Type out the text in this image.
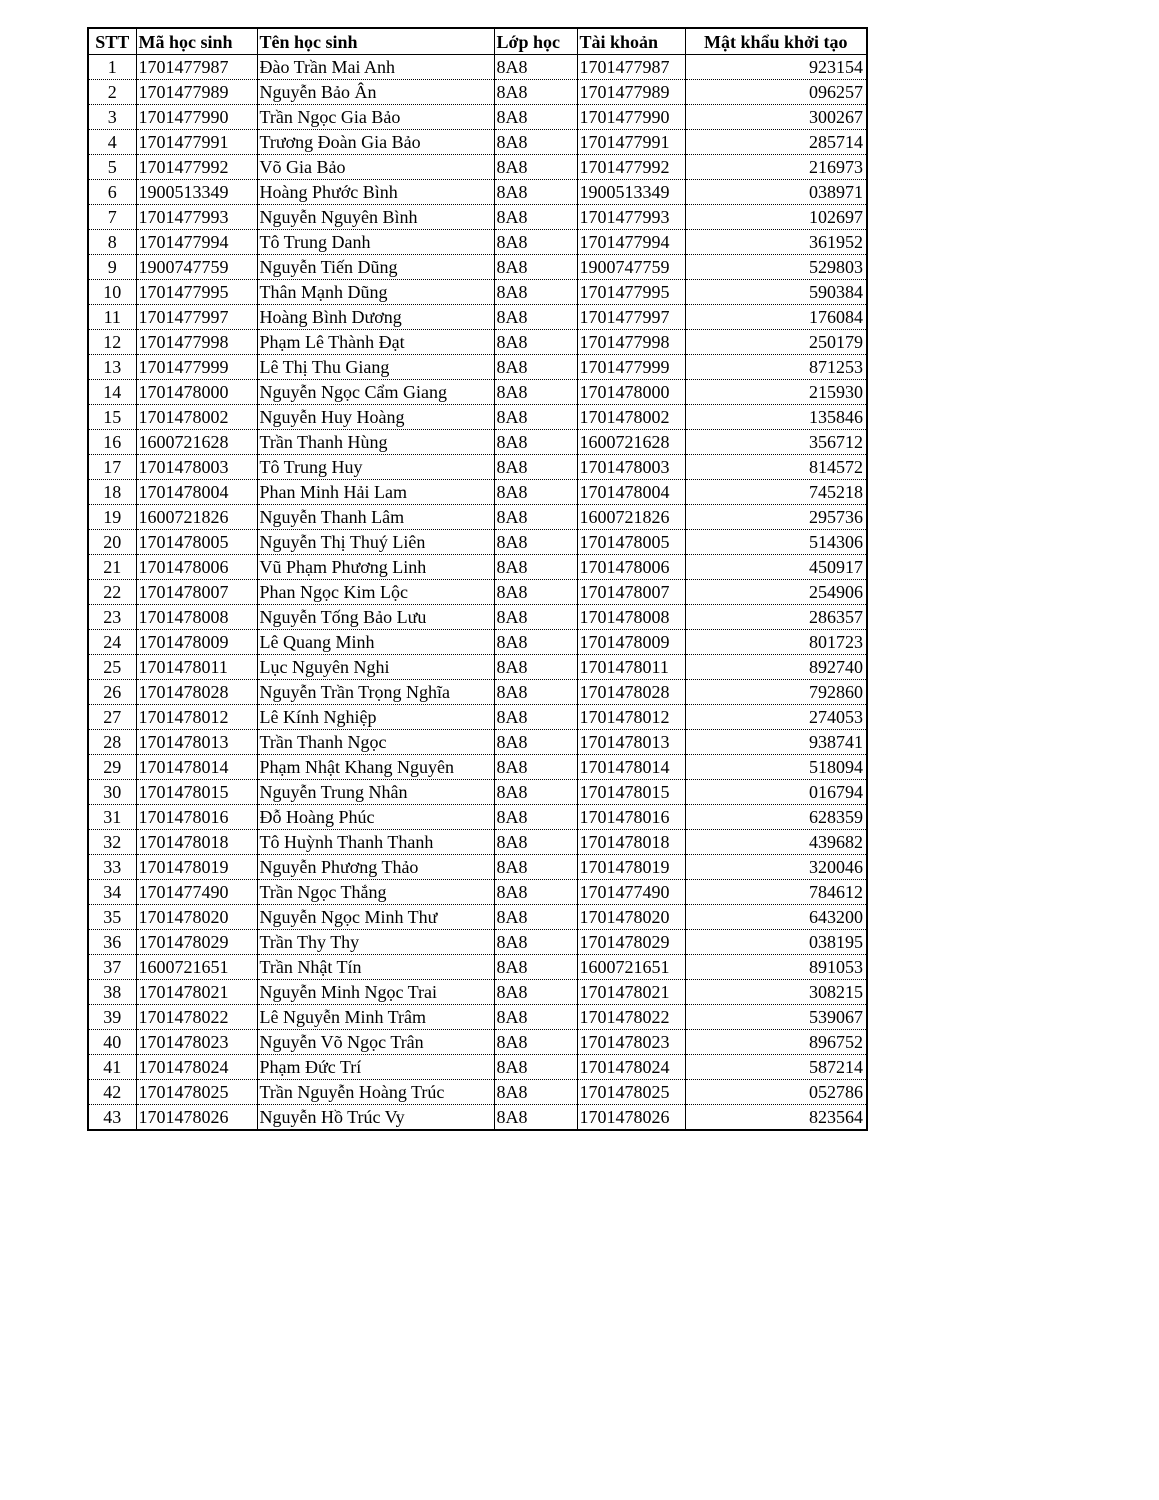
STT	Mã học sinh	Tên học sinh	Lớp học	Tài khoản	Mật khẩu khởi tạo
1	1701477987	Đào Trần Mai Anh	8A8	1701477987	923154
2	1701477989	Nguyễn Bảo Ân	8A8	1701477989	096257
3	1701477990	Trần Ngọc Gia Bảo	8A8	1701477990	300267
4	1701477991	Trương Đoàn Gia Bảo	8A8	1701477991	285714
5	1701477992	Võ Gia Bảo	8A8	1701477992	216973
6	1900513349	Hoàng Phước Bình	8A8	1900513349	038971
7	1701477993	Nguyễn Nguyên Bình	8A8	1701477993	102697
8	1701477994	Tô Trung Danh	8A8	1701477994	361952
9	1900747759	Nguyễn Tiến Dũng	8A8	1900747759	529803
10	1701477995	Thân Mạnh Dũng	8A8	1701477995	590384
11	1701477997	Hoàng Bình Dương	8A8	1701477997	176084
12	1701477998	Phạm Lê Thành Đạt	8A8	1701477998	250179
13	1701477999	Lê Thị Thu Giang	8A8	1701477999	871253
14	1701478000	Nguyễn Ngọc Cẩm Giang	8A8	1701478000	215930
15	1701478002	Nguyễn Huy Hoàng	8A8	1701478002	135846
16	1600721628	Trần Thanh Hùng	8A8	1600721628	356712
17	1701478003	Tô Trung Huy	8A8	1701478003	814572
18	1701478004	Phan Minh Hải Lam	8A8	1701478004	745218
19	1600721826	Nguyễn Thanh Lâm	8A8	1600721826	295736
20	1701478005	Nguyễn Thị Thuý Liên	8A8	1701478005	514306
21	1701478006	Vũ Phạm Phương Linh	8A8	1701478006	450917
22	1701478007	Phan Ngọc Kim Lộc	8A8	1701478007	254906
23	1701478008	Nguyễn Tống Bảo Lưu	8A8	1701478008	286357
24	1701478009	Lê Quang Minh	8A8	1701478009	801723
25	1701478011	Lục Nguyên Nghi	8A8	1701478011	892740
26	1701478028	Nguyễn Trần Trọng Nghĩa	8A8	1701478028	792860
27	1701478012	Lê Kính Nghiệp	8A8	1701478012	274053
28	1701478013	Trần Thanh Ngọc	8A8	1701478013	938741
29	1701478014	Phạm Nhật Khang Nguyên	8A8	1701478014	518094
30	1701478015	Nguyễn Trung Nhân	8A8	1701478015	016794
31	1701478016	Đỗ Hoàng Phúc	8A8	1701478016	628359
32	1701478018	Tô Huỳnh Thanh Thanh	8A8	1701478018	439682
33	1701478019	Nguyễn Phương Thảo	8A8	1701478019	320046
34	1701477490	Trần Ngọc Thắng	8A8	1701477490	784612
35	1701478020	Nguyễn Ngọc Minh Thư	8A8	1701478020	643200
36	1701478029	Trần Thy Thy	8A8	1701478029	038195
37	1600721651	Trần Nhật Tín	8A8	1600721651	891053
38	1701478021	Nguyễn Minh Ngọc Trai	8A8	1701478021	308215
39	1701478022	Lê Nguyễn Minh Trâm	8A8	1701478022	539067
40	1701478023	Nguyễn Võ Ngọc Trân	8A8	1701478023	896752
41	1701478024	Phạm Đức Trí	8A8	1701478024	587214
42	1701478025	Trần Nguyễn Hoàng Trúc	8A8	1701478025	052786
43	1701478026	Nguyễn Hồ Trúc Vy	8A8	1701478026	823564
